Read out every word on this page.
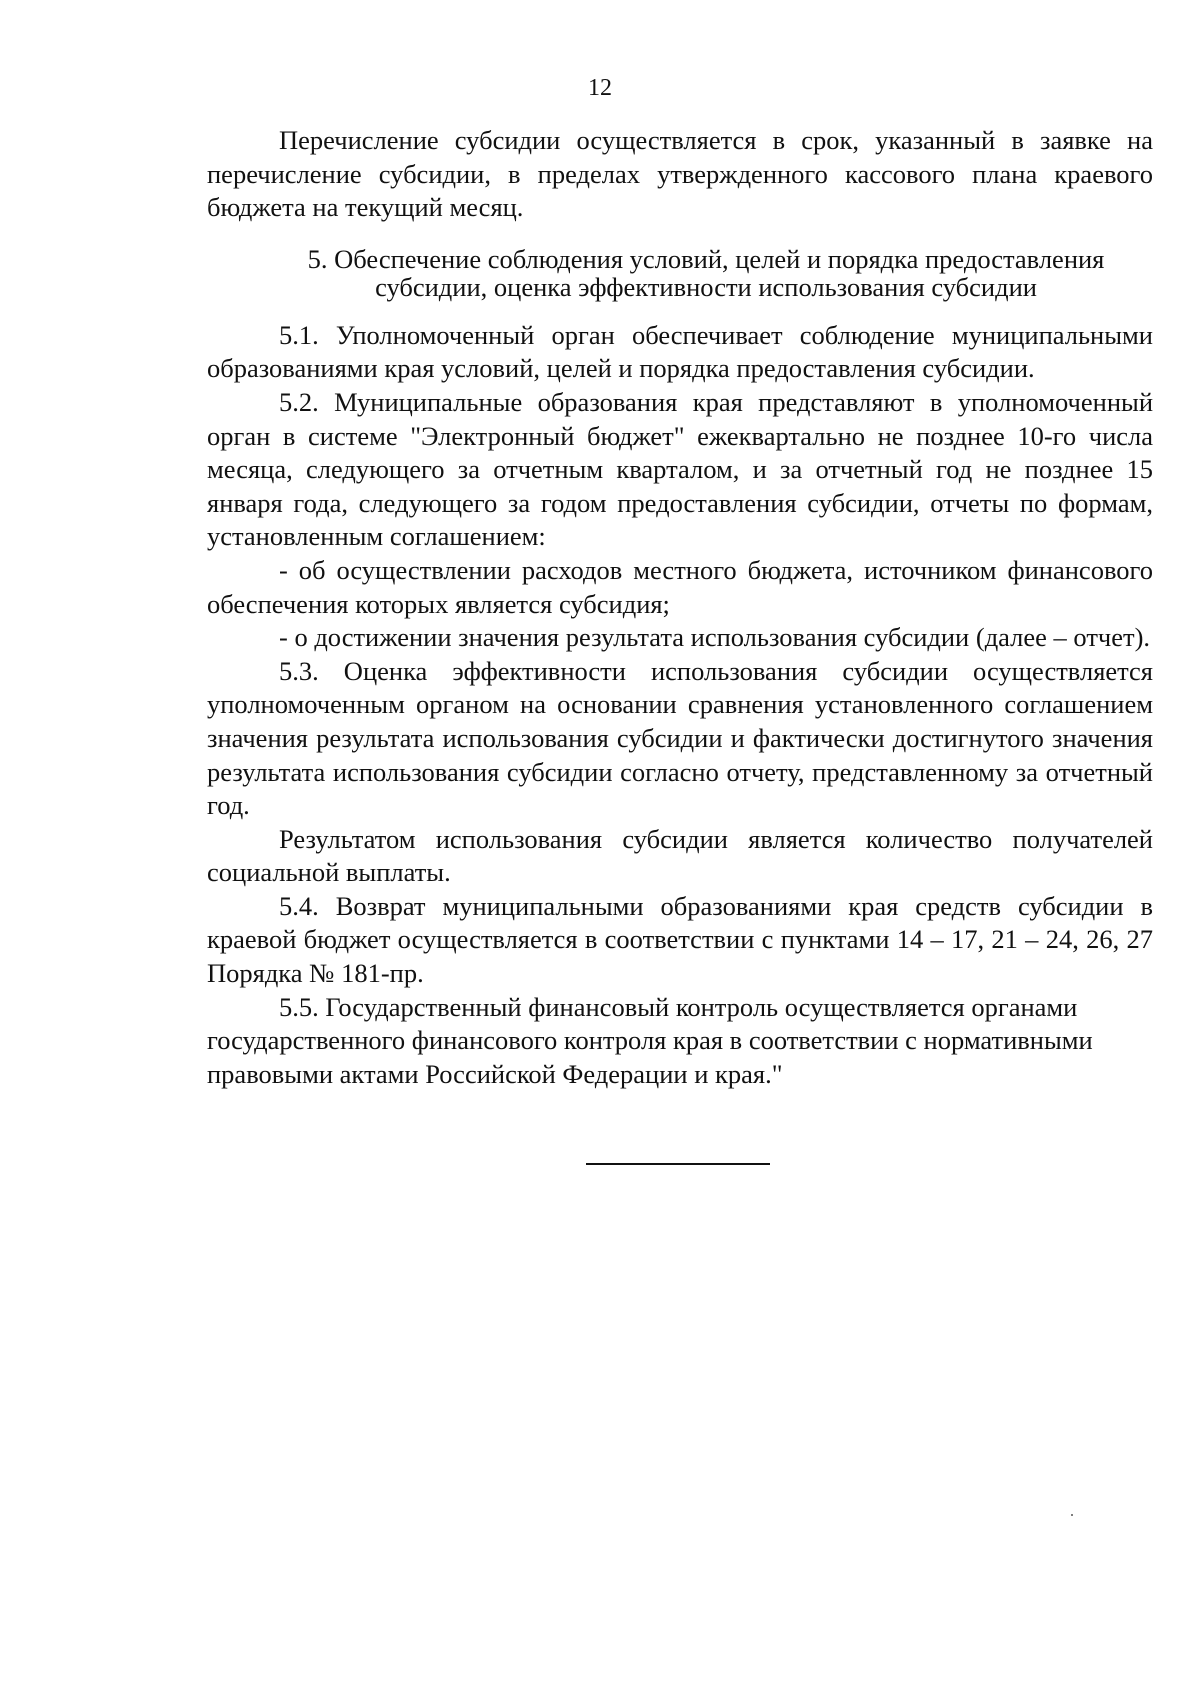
12

Перечисление субсидии осуществляется в срок, указанный в заявке на перечисление субсидии, в пределах утвержденного кассового плана краевого бюджета на текущий месяц.

5. Обеспечение соблюдения условий, целей и порядка предоставления
субсидии, оценка эффективности использования субсидии

5.1. Уполномоченный орган обеспечивает соблюдение муниципальными образованиями края условий, целей и порядка предоставления субсидии.

5.2. Муниципальные образования края представляют в уполномоченный орган в системе "Электронный бюджет" ежеквартально не позднее 10-го числа месяца, следующего за отчетным кварталом, и за отчетный год не позднее 15 января года, следующего за годом предоставления субсидии, отчеты по формам, установленным соглашением:

- об осуществлении расходов местного бюджета, источником финансового обеспечения которых является субсидия;

- о достижении значения результата использования субсидии (далее – отчет).

5.3. Оценка эффективности использования субсидии осуществляется уполномоченным органом на основании сравнения установленного соглашением значения результата использования субсидии и фактически достигнутого значения результата использования субсидии согласно отчету, представленному за отчетный год.

Результатом использования субсидии является количество получателей социальной выплаты.

5.4. Возврат муниципальными образованиями края средств субсидии в краевой бюджет осуществляется в соответствии с пунктами 14 – 17, 21 – 24, 26, 27 Порядка № 181-пр.

5.5. Государственный финансовый контроль осуществляется органами государственного финансового контроля края в соответствии с нормативными правовыми актами Российской Федерации и края."
